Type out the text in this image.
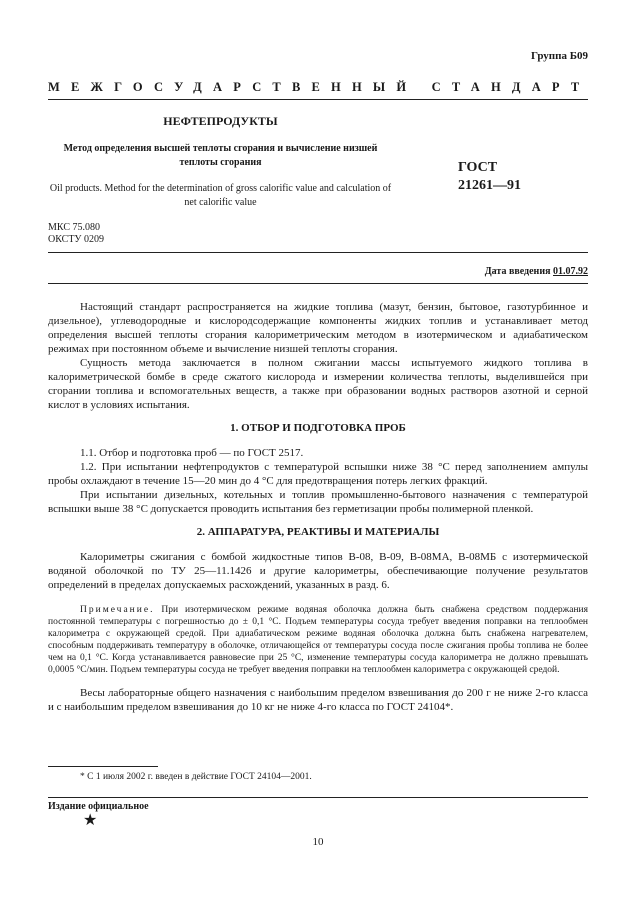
Группа Б09
МЕЖГОСУДАРСТВЕННЫЙ СТАНДАРТ
НЕФТЕПРОДУКТЫ
Метод определения высшей теплоты сгорания и вычисление низшей теплоты сгорания
Oil products. Method for the determination of gross calorific value and calculation of net calorific value
ГОСТ
21261—91
МКС 75.080
ОКСТУ 0209
Дата введения 01.07.92

Настоящий стандарт распространяется на жидкие топлива (мазут, бензин, бытовое, газотурбинное и дизельное), углеводородные и кислородсодержащие компоненты жидких топлив и устанавливает метод определения высшей теплоты сгорания калориметрическим методом в изотермическом и адиабатическом режимах при постоянном объеме и вычисление низшей теплоты сгорания.

Сущность метода заключается в полном сжигании массы испытуемого жидкого топлива в калориметрической бомбе в среде сжатого кислорода и измерении количества теплоты, выделившейся при сгорании топлива и вспомогательных веществ, а также при образовании водных растворов азотной и серной кислот в условиях испытания.

1. ОТБОР И ПОДГОТОВКА ПРОБ

1.1. Отбор и подготовка проб — по ГОСТ 2517.

1.2. При испытании нефтепродуктов с температурой вспышки ниже 38 °С перед заполнением ампулы пробы охлаждают в течение 15—20 мин до 4 °С для предотвращения потерь легких фракций.

При испытании дизельных, котельных и топлив промышленно-бытового назначения с температурой вспышки выше 38 °С допускается проводить испытания без герметизации пробы полимерной пленкой.

2. АППАРАТУРА, РЕАКТИВЫ И МАТЕРИАЛЫ

Калориметры сжигания с бомбой жидкостные типов В-08, В-09, В-08МА, В-08МБ с изотермической водяной оболочкой по ТУ 25—11.1426 и другие калориметры, обеспечивающие получение результатов определений в пределах допускаемых расхождений, указанных в разд. 6.

Примечание. При изотермическом режиме водяная оболочка должна быть снабжена средством поддержания постоянной температуры с погрешностью до ± 0,1 °С. Подъем температуры сосуда требует введения поправки на теплообмен калориметра с окружающей средой. При адиабатическом режиме водяная оболочка должна быть снабжена нагревателем, способным поддерживать температуру в оболочке, отличающейся от температуры сосуда после сжигания пробы топлива не более чем на 0,1 °С. Когда устанавливается равновесие при 25 °С, изменение температуры сосуда калориметра не должно превышать 0,0005 °С/мин. Подъем температуры сосуда не требует введения поправки на теплообмен калориметра с окружающей средой.

Весы лабораторные общего назначения с наибольшим пределом взвешивания до 200 г не ниже 2-го класса и с наибольшим пределом взвешивания до 10 кг не ниже 4-го класса по ГОСТ 24104*.

* С 1 июля 2002 г. введен в действие ГОСТ 24104—2001.
Издание официальное
★
10
